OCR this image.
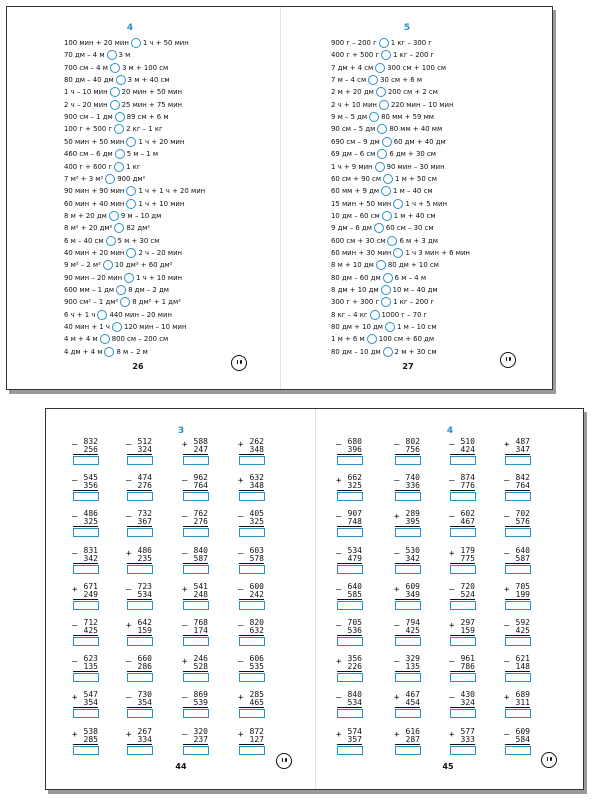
4
100 мин + 20 мин 1 ч + 50 мин
70 дм – 4 м 3 м
700 см – 4 м 3 м + 100 см
80 дм – 40 дм 3 м + 40 см
1 ч – 10 мин 20 мин + 50 мин
2 ч – 20 мин 25 мин + 75 мин
900 см – 1 дм 89 см + 6 м
100 г + 500 г 2 кг – 1 кг
50 мин + 50 мин 1 ч + 20 мин
460 см – 6 дм 5 м – 1 м
400 г + 600 г 1 кг
7 м² + 3 м² 900 дм²
90 мин + 90 мин 1 ч + 1 ч + 20 мин
60 мин + 40 мин 1 ч + 10 мин
8 м + 20 дм 9 м – 10 дм
8 м² + 20 дм² 82 дм²
6 м – 40 см 5 м + 30 см
40 мин + 20 мин 2 ч – 20 мин
9 м² – 2 м² 10 дм² + 60 дм²
90 мин – 20 мин 1 ч + 10 мин
600 мм – 1 дм 8 дм – 2 дм
900 см² – 1 дм² 8 дм² + 1 дм²
6 ч + 1 ч 440 мин – 20 мин
40 мин + 1 ч 120 мин – 10 мин
4 м + 4 м 800 см – 200 см
4 дм + 4 м 8 м – 2 м
26
5
900 г – 200 г 1 кг – 300 г
400 г + 500 г 1 кг – 200 г
7 дм + 4 см 300 см + 100 см
7 м – 4 см 30 см + 6 м
2 м + 20 дм 200 см + 2 см
2 ч + 10 мин 220 мин – 10 мин
9 м – 5 дм 80 мм + 59 мм
90 см – 5 дм 80 мм + 40 мм
690 см – 9 дм 60 дм + 40 дм
69 дм – 6 см 6 дм + 30 см
1 ч + 9 мин 90 мин – 30 мин
60 см + 90 см 1 м + 50 см
60 мм + 9 дм 1 м – 40 см
15 мин + 50 мин 1 ч + 5 мин
10 дм – 60 см 1 м + 40 см
9 дм – 6 дм 60 см – 30 см
600 см + 30 см 6 м + 3 дм
60 мин + 30 мин 1 ч 3 мин + 6 мин
8 м + 10 дм 80 дм + 10 см
80 дм – 60 дм 6 м – 4 м
8 дм + 10 дм 10 м – 40 дм
300 г + 300 г 1 кг – 200 г
8 кг – 4 кг 1000 г – 70 г
80 дм + 10 дм 1 м – 10 см
1 м + 6 м 100 см + 60 дм
80 дм – 10 дм 2 м + 30 см
27
3
832
– 256
512
– 324
588
+ 247
262
+ 348
545
– 356
474
– 276
962
– 764
632
+ 348
486
– 325
732
– 367
762
– 276
405
– 325
831
– 342
486
+ 235
840
– 587
603
– 578
671
+ 249
723
– 534
541
+ 248
600
– 242
712
– 425
642
+ 159
768
– 174
820
– 632
623
– 135
660
– 286
246
+ 528
606
– 535
547
+ 354
730
– 354
869
– 539
285
+ 465
538
+ 285
267
+ 334
320
– 237
872
+ 127
44
4
680
– 396
802
– 756
510
– 424
487
+ 347
662
+ 325
740
– 336
874
– 776
842
– 764
907
– 748
289
+ 395
602
– 467
702
– 576
534
– 479
530
– 342
179
+ 775
640
– 587
640
– 585
609
+ 349
720
– 524
705
+ 199
705
– 536
794
– 425
297
+ 159
592
– 425
356
+ 226
329
– 135
961
– 786
621
– 148
840
– 534
467
+ 454
430
– 324
689
+ 311
574
+ 357
616
+ 287
577
+ 333
609
– 584
45
